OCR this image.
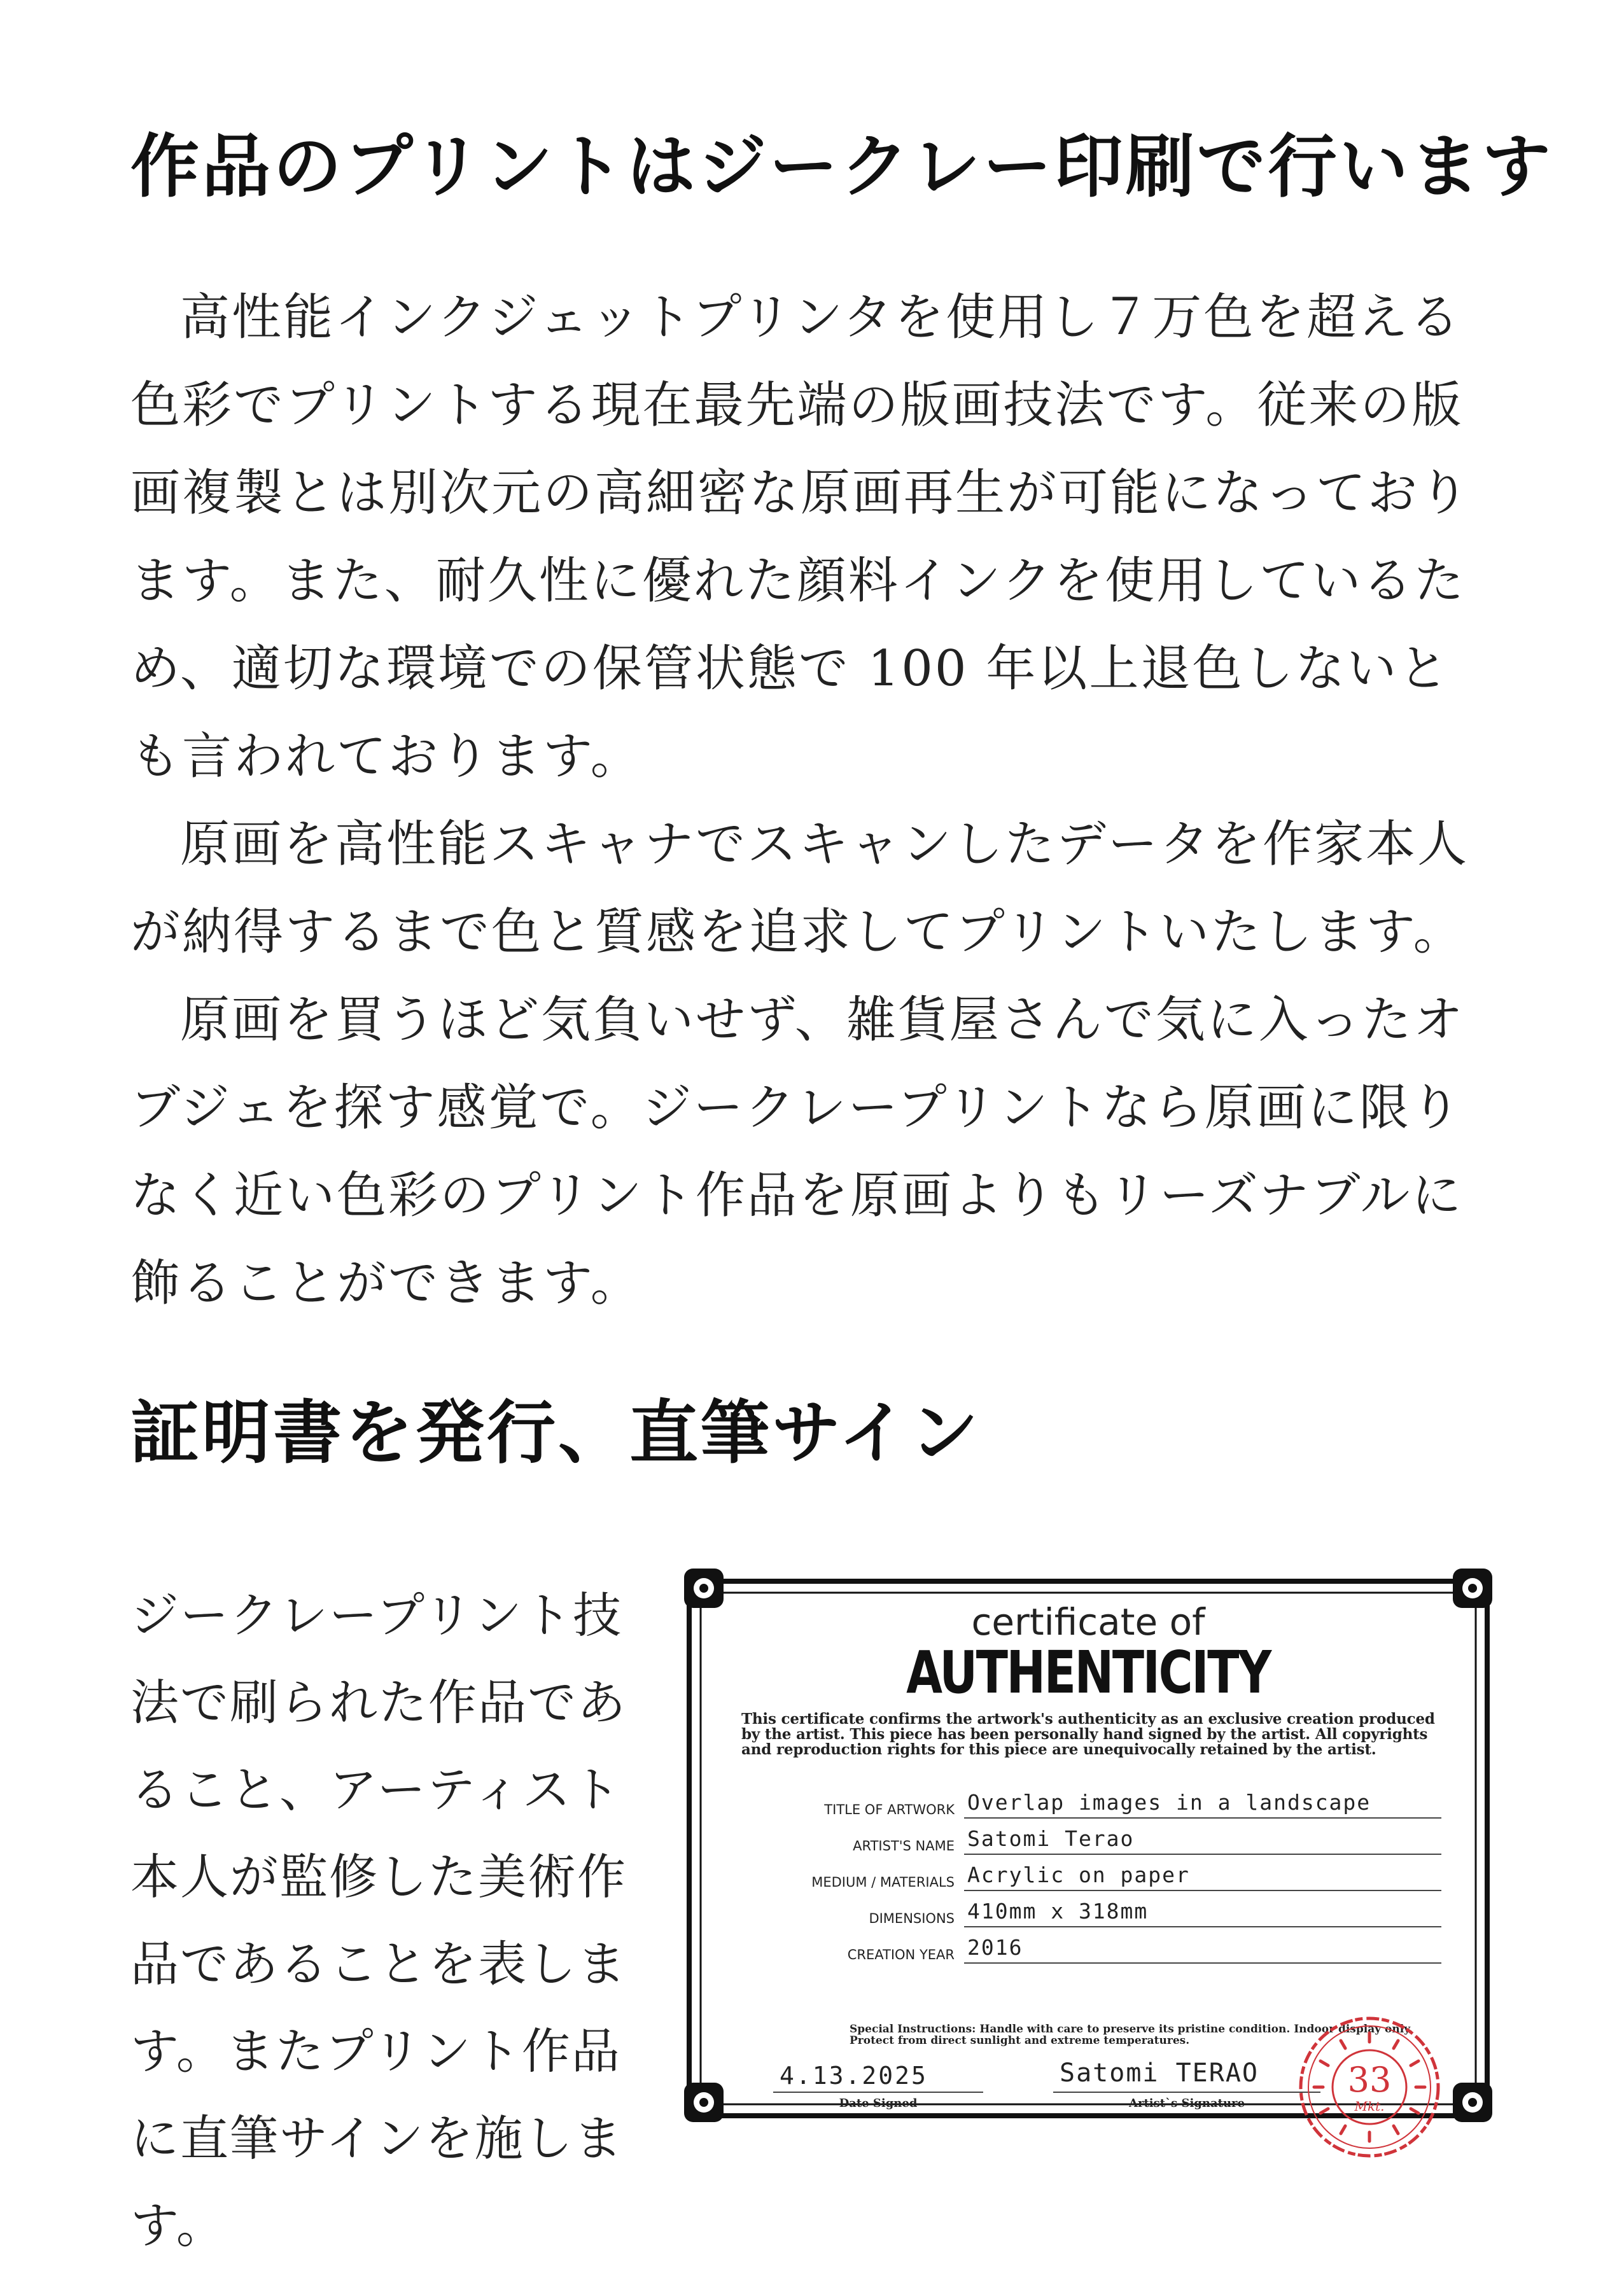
作品のプリントはジークレー印刷で行います

高性能インクジェットプリンタを使用し７万色を超える色彩でプリントする現在最先端の版画技法です。従来の版画複製とは別次元の高細密な原画再生が可能になっております。また、耐久性に優れた顔料インクを使用しているため、適切な環境での保管状態で 100 年以上退色しないとも言われております。

原画を高性能スキャナでスキャンしたデータを作家本人が納得するまで色と質感を追求してプリントいたします。

原画を買うほど気負いせず、雑貨屋さんで気に入ったオブジェを探す感覚で。ジークレープリントなら原画に限りなく近い色彩のプリント作品を原画よりもリーズナブルに飾ることができます。

証明書を発行、直筆サイン

ジークレープリント技法で刷られた作品であること、アーティスト本人が監修した美術作品であることを表します。またプリント作品に直筆サインを施します。

certificate of
AUTHENTICITY
This certificate confirms the artwork's authenticity as an exclusive creation produced by the artist. This piece has been personally hand signed by the artist. All copyrights and reproduction rights for this piece are unequivocally retained by the artist.
TITLE OF ARTWORK Overlap images in a landscape
ARTIST'S NAME Satomi Terao
MEDIUM / MATERIALS Acrylic on paper
DIMENSIONS 410mm x 318mm
CREATION YEAR 2016
Special Instructions: Handle with care to preserve its pristine condition. Indoor display only. Protect from direct sunlight and extreme temperatures.
4.13.2025
Date Signed
Satomi TERAO
Artist`s Signature
33
Mkt.
